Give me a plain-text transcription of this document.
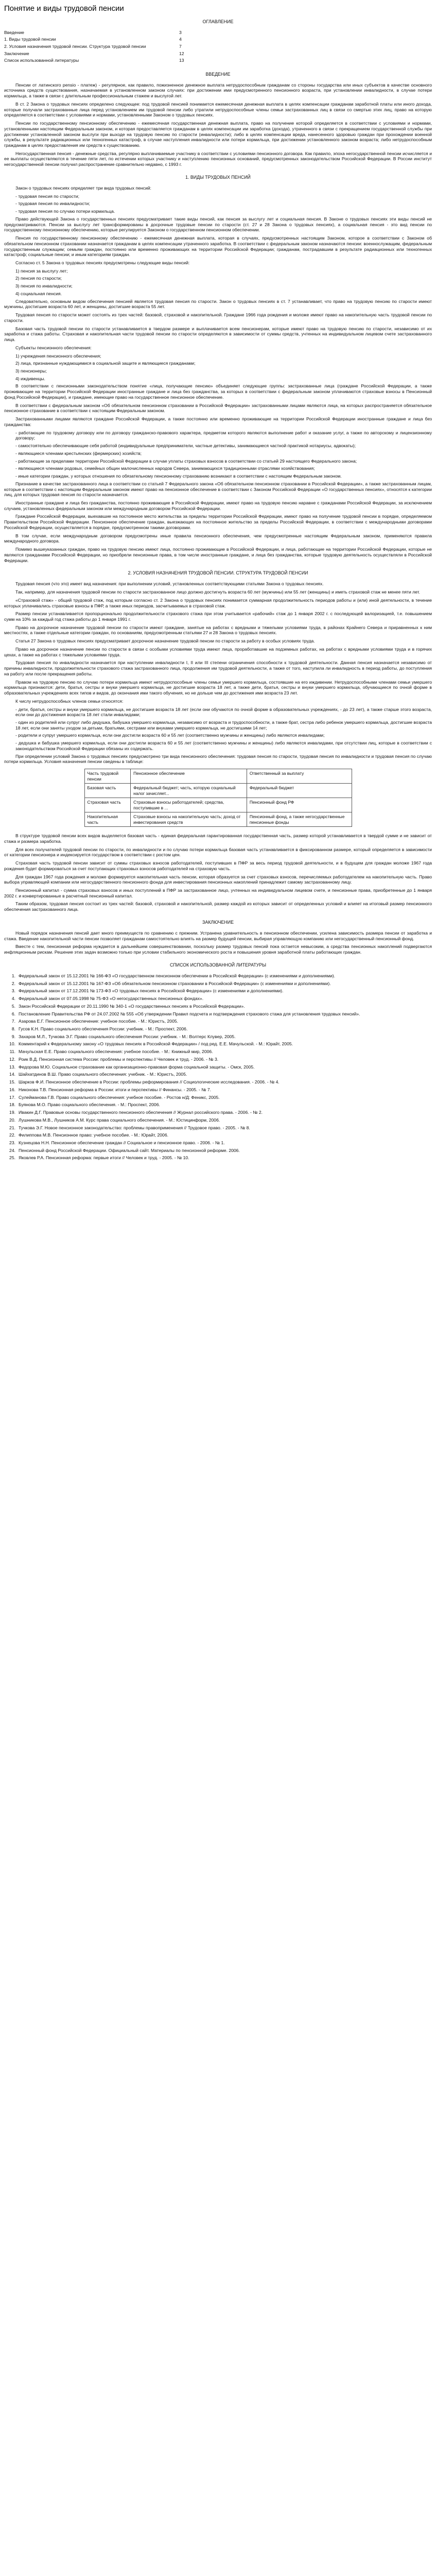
Понятие и виды трудовой пенсии
ОГЛАВЛЕНИЕ
Введение	3
1. Виды трудовой пенсии	4
2. Условия назначения трудовой пенсии. Структура трудовой пенсии	7
Заключение	12
Список использованной литературы	13
ВВЕДЕНИЕ

Пенсии от латинского pensio - платеж) - регулярное, как правило, пожизненное денежное выплата нетрудоспособным гражданам со стороны государства или иных субъектов в качестве основного источника средств существования, назначаемая в установленном законом случаях: при достижении ими предусмотренного пенсионного возраста, при установлении инвалидности, в случае потери кормильца, а также в связи с длительным профессиональным стажем и выслугой лет.

В ст. 2 Закона о трудовых пенсиях определено следующее: под трудовой пенсией понимается ежемесячная денежная выплата в целях компенсации гражданам заработной платы или иного дохода, которые получали застрахованные лица перед установлением им трудовой пенсии либо утратили нетрудоспособные члены семьи застрахованных лиц в связи со смертью этих лиц, право на которую определяется в соответствии с условиями и нормами, установленными Законом о трудовых пенсиях.

Пенсии по государственному пенсионному обеспечению - ежемесячная государственная денежная выплата, право на получение которой определяется в соответствии с условиями и нормами, установленными настоящим Федеральным законом, и которая предоставляется гражданам в целях компенсации им заработка (дохода), утраченного в связи с прекращением государственной службы при достижении установленной законом выслуги при выходе на трудовую пенсию по старости (инвалидности); либо в целях компенсации вреда, нанесенного здоровью граждан при прохождении военной службы, в результате радиационных или техногенных катастроф, в случае наступления инвалидности или потери кормильца, при достижении установленного законом возраста; либо нетрудоспособным гражданам в целях предоставления им средств к существованию.

Негосударственная пенсия - денежные средства, регулярно выплачиваемые участнику в соответствии с условиями пенсионного договора. Как правило, эпоха негосударственной пенсии исчисляется и ее выплаты осуществляются в течение пяти лет, по истечении которых участнику и наступлению пенсионных оснований, предусмотренных законодательством Российской Федерации. В России институт негосударственной пенсии получил распространение сравнительно недавно, с 1993 г.

1. ВИДЫ ТРУДОВЫХ ПЕНСИЙ

Закон о трудовых пенсиях определяет три вида трудовых пенсий:

- трудовая пенсия по старости;
- трудовая пенсия по инвалидности;
- трудовая пенсия по случаю потери кормильца.

Право действующей Закона о государственных пенсиях предусматривает такие виды пенсий, как пенсия за выслугу лет и социальная пенсия. В Законе о трудовых пенсиях эти виды пенсий не предусматриваются. Пенсии за выслугу лет трансформированы в досрочные трудовые пенсии по старости (ст. 27 и 28 Закона о трудовых пенсиях), а социальная пенсия - это вид пенсии по государственному пенсионному обеспечению, которые регулируется Законом о государственном пенсионном обеспечении.

Пенсия по государственному пенсионному обеспечению - ежемесячная денежная выплата, которая в случаях, предусмотренных настоящим Законом, которое в соответствии с Законом об обязательном пенсионном страховании назначается гражданам в целях компенсации утраченного заработка. В соответствии с федеральным законом назначаются пенсии: военнослужащим, федеральным государственным служащим; семьям граждан, постоянно или временно проживающих на территории Российской Федерации; гражданам, пострадавшим в результате радиационных или техногенных катастроф; социальные пенсии; и иным категориям граждан.

Согласно ст. 5 Закона о трудовых пенсиях предусмотрены следующие виды пенсий:

1) пенсия за выслугу лет;
2) пенсия по старости;
3) пенсия по инвалидности;
4) социальная пенсия.

Следовательно, основным видом обеспечения пенсией является трудовая пенсия по старости. Закон о трудовых пенсиях в ст. 7 устанавливает, что право на трудовую пенсию по старости имеют мужчины, достигшие возраста 60 лет, и женщины, достигшие возраста 55 лет.

Трудовая пенсия по старости может состоять из трех частей: базовой, страховой и накопительной. Граждане 1966 года рождения и моложе имеют право на накопительную часть трудовой пенсии по старости.

Базовая часть трудовой пенсии по старости устанавливается в твердом размере и выплачивается всем пенсионерам, которые имеют право на трудовую пенсию по старости, независимо от их заработка и стажа работы. Страховая и накопительная части трудовой пенсии по старости определяются в зависимости от суммы средств, учтенных на индивидуальном лицевом счете застрахованного лица.

Субъекты пенсионного обеспечения:

1) учреждения пенсионного обеспечения;
2) лица, признанные нуждающимися в социальной защите и являющиеся гражданами;
3) пенсионеры;
4) иждивенцы.

В соответствии с пенсионными законодательством понятие «лица, получающие пенсию» объединяет следующие группы: застрахованные лица (граждане Российской Федерации, а также проживающие на территории Российской Федерации иностранные граждане и лица без гражданства, за которых в соответствии с федеральным законом уплачиваются страховые взносы в Пенсионный фонд Российской Федерации), и граждане, имеющие право на государственное пенсионное обеспечение.

В соответствии с федеральным законом «Об обязательном пенсионном страховании в Российской Федерации» застрахованными лицами являются лица, на которых распространяется обязательное пенсионное страхование в соответствии с настоящим Федеральным законом.

Застрахованными лицами являются граждане Российской Федерации, а также постоянно или временно проживающие на территории Российской Федерации иностранные граждане и лица без гражданства:

- работающие по трудовому договору или по договору гражданско-правового характера, предметом которого являются выполнение работ и оказание услуг, а также по авторскому и лицензионному договору;
- самостоятельно обеспечивающие себя работой (индивидуальные предприниматели, частные детективы, занимающиеся частной практикой нотариусы, адвокаты);
- являющиеся членами крестьянских (фермерских) хозяйств;
- работающие за пределами территории Российской Федерации в случае уплаты страховых взносов в соответствии со статьей 29 настоящего Федерального закона;
- являющиеся членами родовых, семейных общин малочисленных народов Севера, занимающихся традиционными отраслями хозяйствования;
- иные категории граждан, у которых отношения по обязательному пенсионному страхованию возникают в соответствии с настоящим Федеральным законом.

Признание в качестве застрахованного лица в соответствии со статьей 7 Федерального закона «Об обязательном пенсионном страховании в Российской Федерации», а также застрахованным лицам, которые в соответствии с настоящим Федеральным законом имеют право на пенсионное обеспечение в соответствии с Законом Российской Федерации «О государственных пенсиях», относятся к категории лиц, для которых трудовая пенсия по старости назначается.

Иностранные граждане и лица без гражданства, постоянно проживающие в Российской Федерации, имеют право на трудовую пенсию наравне с гражданами Российской Федерации, за исключением случаев, установленных федеральным законом или международным договором Российской Федерации.

Граждане Российской Федерации, выехавшие на постоянное место жительства за пределы территории Российской Федерации, имеют право на получение трудовой пенсии в порядке, определяемом Правительством Российской Федерации. Пенсионное обеспечение граждан, выезжающих на постоянное жительство за пределы Российской Федерации, в соответствии с международными договорами Российской Федерации, осуществляется в порядке, предусмотренном такими договорами.

В том случае, если международным договором предусмотрены иные правила пенсионного обеспечения, чем предусмотренные настоящим Федеральным законом, применяются правила международного договора.

Помимо вышеуказанных граждан, право на трудовую пенсию имеют лица, постоянно проживающие в Российской Федерации, и лица, работающие на территории Российской Федерации, которые не являются гражданами Российской Федерации, но приобрели пенсионные права, в том числе иностранные граждане, и лица без гражданства, которые трудовую деятельность осуществляли в Российской Федерации.

2. УСЛОВИЯ НАЗНАЧЕНИЯ ТРУДОВОЙ ПЕНСИИ. СТРУКТУРА ТРУДОВОЙ ПЕНСИИ

Трудовая пенсия (что это) имеет вид назначения: при выполнении условий, установленных соответствующими статьями Закона о трудовых пенсиях.

Так, например, для назначения трудовой пенсии по старости застрахованное лицо должно достигнуть возраста 60 лет (мужчины) или 55 лет (женщины) и иметь страховой стаж не менее пяти лет.

«Страховой стаж» - общий трудовой стаж, под которым согласно ст. 2 Закона о трудовых пенсиях понимается суммарная продолжительность периодов работы и (или) иной деятельности, в течение которых уплачивались страховые взносы в ПФР, а также иных периодов, засчитываемых в страховой стаж.

Размер пенсии устанавливается пропорционально продолжительности страхового стажа при этом учитывается «рабочий» стаж до 1 января 2002 г. с последующей валоризацией, т.е. повышением сумм на 10% за каждый год стажа работы до 1 января 1991 г.

Право на досрочное назначение трудовой пенсии по старости имеют граждане, занятые на работах с вредными и тяжелыми условиями труда, в районах Крайнего Севера и приравненных к ним местностях, а также отдельные категории граждан, по основаниям, предусмотренным статьями 27 и 28 Закона о трудовых пенсиях.

Статья 27 Закона о трудовых пенсиях предусматривает досрочное назначение трудовой пенсии по старости за работу в особых условиях труда.

Право на досрочное назначение пенсии по старости в связи с особыми условиями труда имеют лица, проработавшие на подземных работах, на работах с вредными условиями труда и в горячих цехах, а также на работах с тяжелыми условиями труда.

Трудовая пенсия по инвалидности назначается при наступлении инвалидности I, II или III степени ограничения способности к трудовой деятельности. Данная пенсия назначается независимо от причины инвалидности, продолжительности страхового стажа застрахованного лица, продолжения им трудовой деятельности, а также от того, наступила ли инвалидность в период работы, до поступления на работу или после прекращения работы.

Правом на трудовую пенсию по случаю потери кормильца имеют нетрудоспособные члены семьи умершего кормильца, состоявшие на его иждивении. Нетрудоспособными членами семьи умершего кормильца признаются: дети, братья, сестры и внуки умершего кормильца, не достигшие возраста 18 лет, а также дети, братья, сестры и внуки умершего кормильца, обучающиеся по очной форме в образовательных учреждениях всех типов и видов, до окончания ими такого обучения, но не дольше чем до достижения ими возраста 23 лет.

К числу нетрудоспособных членов семьи относятся:

- дети, братья, сестры и внуки умершего кормильца, не достигшие возраста 18 лет (если они обучаются по очной форме в образовательных учреждениях, - до 23 лет), а также старше этого возраста, если они до достижения возраста 18 лет стали инвалидами;
- один из родителей или супруг либо дедушка, бабушка умершего кормильца, независимо от возраста и трудоспособности, а также брат, сестра либо ребенок умершего кормильца, достигшие возраста 18 лет, если они заняты уходом за детьми, братьями, сестрами или внуками умершего кормильца, не достигшими 14 лет;
- родители и супруг умершего кормильца, если они достигли возраста 60 и 55 лет (соответственно мужчины и женщины) либо являются инвалидами;
- дедушка и бабушка умершего кормильца, если они достигли возраста 60 и 55 лет (соответственно мужчины и женщины) либо являются инвалидами, при отсутствии лиц, которые в соответствии с законодательством Российской Федерации обязаны их содержать.

При определении условий Закона о трудовых пенсиях предусмотрено три вида пенсионного обеспечения: трудовая пенсия по старости, трудовая пенсия по инвалидности и трудовая пенсия по случаю потери кормильца. Условия назначения пенсии сведены в таблице:

Часть трудовой пенсии	Пенсионное обеспечение	Ответственный за выплату
Базовая часть	Федеральный бюджет; часть, которую социальный налог зачисляет...	Федеральный бюджет
Страховая часть	Страховые взносы работодателей; средства, поступившие в ...	Пенсионный фонд РФ
Накопительная часть	Страховые взносы на накопительную часть; доход от инвестирования средств	Пенсионный фонд, а также негосударственные пенсионные фонды

В структуре трудовой пенсии всех видов выделяется базовая часть - единая федеральная гарантированная государственная часть, размер которой устанавливается в твердой сумме и не зависит от стажа и размера заработка.

Для всех получателей трудовой пенсии по старости, по инвалидности и по случаю потери кормильца базовая часть устанавливается в фиксированном размере, который определяется в зависимости от категории пенсионера и индексируется государством в соответствии с ростом цен.

Страховая часть трудовой пенсии зависит от суммы страховых взносов работодателей, поступивших в ПФР за весь период трудовой деятельности, и в будущем для граждан моложе 1967 года рождения будет формироваться за счет поступающих страховых взносов работодателей на страховую часть.

Для граждан 1967 года рождения и моложе формируется накопительная часть пенсии, которая образуется за счет страховых взносов, перечисляемых работодателем на накопительную часть. Право выбора управляющей компании или негосударственного пенсионного фонда для инвестирования пенсионных накоплений принадлежит самому застрахованному лицу.

Пенсионный капитал - сумма страховых взносов и иных поступлений в ПФР за застрахованное лицо, учтенных на индивидуальном лицевом счете, и пенсионные права, приобретенные до 1 января 2002 г. и конвертированные в расчетный пенсионный капитал.

Таким образом, трудовая пенсия состоит из трех частей: базовой, страховой и накопительной, размер каждой из которых зависит от определенных условий и влияет на итоговый размер пенсионного обеспечения застрахованного лица.

ЗАКЛЮЧЕНИЕ

Новый порядок назначения пенсий дает много преимуществ по сравнению с прежним. Устранена уравнительность в пенсионном обеспечении, усилена зависимость размера пенсии от заработка и стажа. Введение накопительной части пенсии позволяет гражданам самостоятельно влиять на размер будущей пенсии, выбирая управляющую компанию или негосударственный пенсионный фонд.

Вместе с тем, пенсионная реформа нуждается в дальнейшем совершенствовании, поскольку размер трудовых пенсий пока остается невысоким, а средства пенсионных накоплений подвергаются инфляционным рискам. Решение этих задач возможно только при условии стабильного экономического роста и повышения уровня заработной платы работающих граждан.

СПИСОК ИСПОЛЬЗОВАННОЙ ЛИТЕРАТУРЫ
1. Федеральный закон от 15.12.2001 № 166-ФЗ «О государственном пенсионном обеспечении в Российской Федерации» (с изменениями и дополнениями).
2. Федеральный закон от 15.12.2001 № 167-ФЗ «Об обязательном пенсионном страховании в Российской Федерации» (с изменениями и дополнениями).
3. Федеральный закон от 17.12.2001 № 173-ФЗ «О трудовых пенсиях в Российской Федерации» (с изменениями и дополнениями).
4. Федеральный закон от 07.05.1998 № 75-ФЗ «О негосударственных пенсионных фондах».
5. Закон Российской Федерации от 20.11.1990 № 340-1 «О государственных пенсиях в Российской Федерации».
6. Постановление Правительства РФ от 24.07.2002 № 555 «Об утверждении Правил подсчета и подтверждения страхового стажа для установления трудовых пенсий».
7. Азарова Е.Г. Пенсионное обеспечение: учебное пособие. - М.: Юристъ, 2005.
8. Гусов К.Н. Право социального обеспечения России: учебник. - М.: Проспект, 2006.
9. Захаров М.Л., Тучкова Э.Г. Право социального обеспечения России: учебник. - М.: Волтерс Клувер, 2005.
10. Комментарий к Федеральному закону «О трудовых пенсиях в Российской Федерации» / под ред. Е.Е. Мачульской. - М.: Юрайт, 2005.
11. Мачульская Е.Е. Право социального обеспечения: учебное пособие. - М.: Книжный мир, 2006.
12. Роик В.Д. Пенсионная система России: проблемы и перспективы // Человек и труд. - 2006. - № 3.
13. Федорова М.Ю. Социальное страхование как организационно-правовая форма социальной защиты. - Омск, 2005.
14. Шайхатдинов В.Ш. Право социального обеспечения: учебник. - М.: Юристъ, 2005.
15. Шарков Ф.И. Пенсионное обеспечение в России: проблемы реформирования // Социологические исследования. - 2006. - № 4.
16. Никонова Т.В. Пенсионная реформа в России: итоги и перспективы // Финансы. - 2005. - № 7.
17. Сулейманова Г.В. Право социального обеспечения: учебное пособие. - Ростов н/Д: Феникс, 2005.
18. Буянова М.О. Право социального обеспечения. - М.: Проспект, 2006.
19. Ивакин Д.Г. Правовые основы государственного пенсионного обеспечения // Журнал российского права. - 2006. - № 2.
20. Лушникова М.В., Лушников А.М. Курс права социального обеспечения. - М.: Юстицинформ, 2006.
21. Тучкова Э.Г. Новое пенсионное законодательство: проблемы правоприменения // Трудовое право. - 2005. - № 8.
22. Филиппова М.В. Пенсионное право: учебное пособие. - М.: Юрайт, 2006.
23. Кузнецова Н.Н. Пенсионное обеспечение граждан // Социальное и пенсионное право. - 2006. - № 1.
24. Пенсионный фонд Российской Федерации. Официальный сайт. Материалы по пенсионной реформе. 2006.
25. Яковлев Р.А. Пенсионная реформа: первые итоги // Человек и труд. - 2005. - № 10.
